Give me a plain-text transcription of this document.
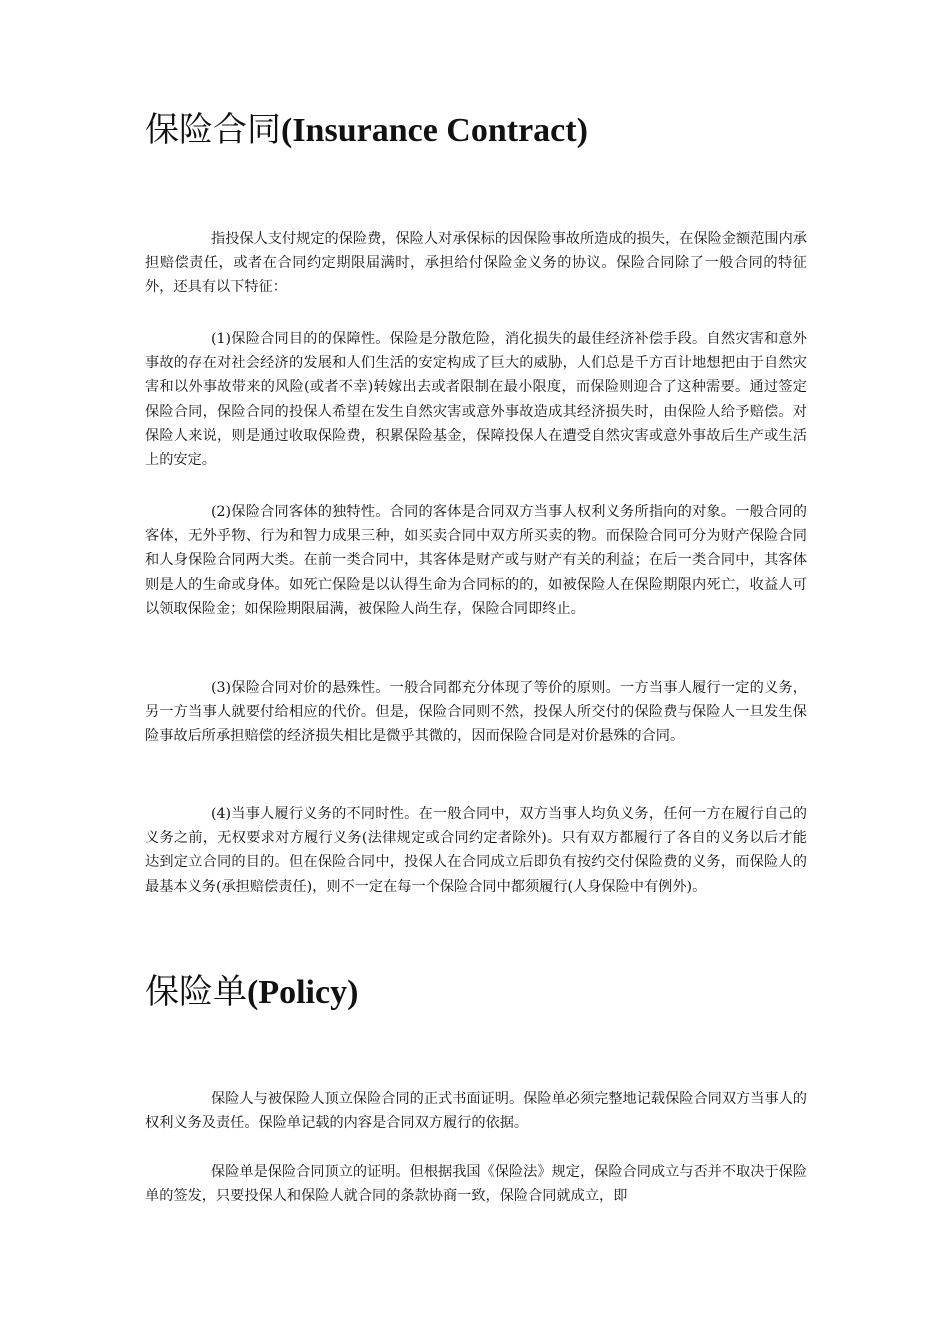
保险合同(Insurance Contract)

指投保人支付规定的保险费，保险人对承保标的因保险事故所造成的损失，在保险金额范围内承担赔偿责任，或者在合同约定期限届满时，承担给付保险金义务的协议。保险合同除了一般合同的特征外，还具有以下特征：

(1)保险合同目的的保障性。保险是分散危险，消化损失的最佳经济补偿手段。自然灾害和意外事故的存在对社会经济的发展和人们生活的安定构成了巨大的威胁，人们总是千方百计地想把由于自然灾害和以外事故带来的风险(或者不幸)转嫁出去或者限制在最小限度，而保险则迎合了这种需要。通过签定保险合同，保险合同的投保人希望在发生自然灾害或意外事故造成其经济损失时，由保险人给予赔偿。对保险人来说，则是通过收取保险费，积累保险基金，保障投保人在遭受自然灾害或意外事故后生产或生活上的安定。

(2)保险合同客体的独特性。合同的客体是合同双方当事人权利义务所指向的对象。一般合同的客体，无外乎物、行为和智力成果三种，如买卖合同中双方所买卖的物。而保险合同可分为财产保险合同和人身保险合同两大类。在前一类合同中，其客体是财产或与财产有关的利益；在后一类合同中，其客体则是人的生命或身体。如死亡保险是以认得生命为合同标的的，如被保险人在保险期限内死亡，收益人可以领取保险金；如保险期限届满，被保险人尚生存，保险合同即终止。

(3)保险合同对价的悬殊性。一般合同都充分体现了等价的原则。一方当事人履行一定的义务，另一方当事人就要付给相应的代价。但是，保险合同则不然，投保人所交付的保险费与保险人一旦发生保险事故后所承担赔偿的经济损失相比是微乎其微的，因而保险合同是对价悬殊的合同。

(4)当事人履行义务的不同时性。在一般合同中，双方当事人均负义务，任何一方在履行自己的义务之前，无权要求对方履行义务(法律规定或合同约定者除外)。只有双方都履行了各自的义务以后才能达到定立合同的目的。但在保险合同中，投保人在合同成立后即负有按约交付保险费的义务，而保险人的最基本义务(承担赔偿责任)，则不一定在每一个保险合同中都须履行(人身保险中有例外)。

保险单(Policy)

保险人与被保险人顶立保险合同的正式书面证明。保险单必须完整地记载保险合同双方当事人的权利义务及责任。保险单记载的内容是合同双方履行的依据。

保险单是保险合同顶立的证明。但根据我国《保险法》规定，保险合同成立与否并不取决于保险单的签发，只要投保人和保险人就合同的条款协商一致，保险合同就成立，即
